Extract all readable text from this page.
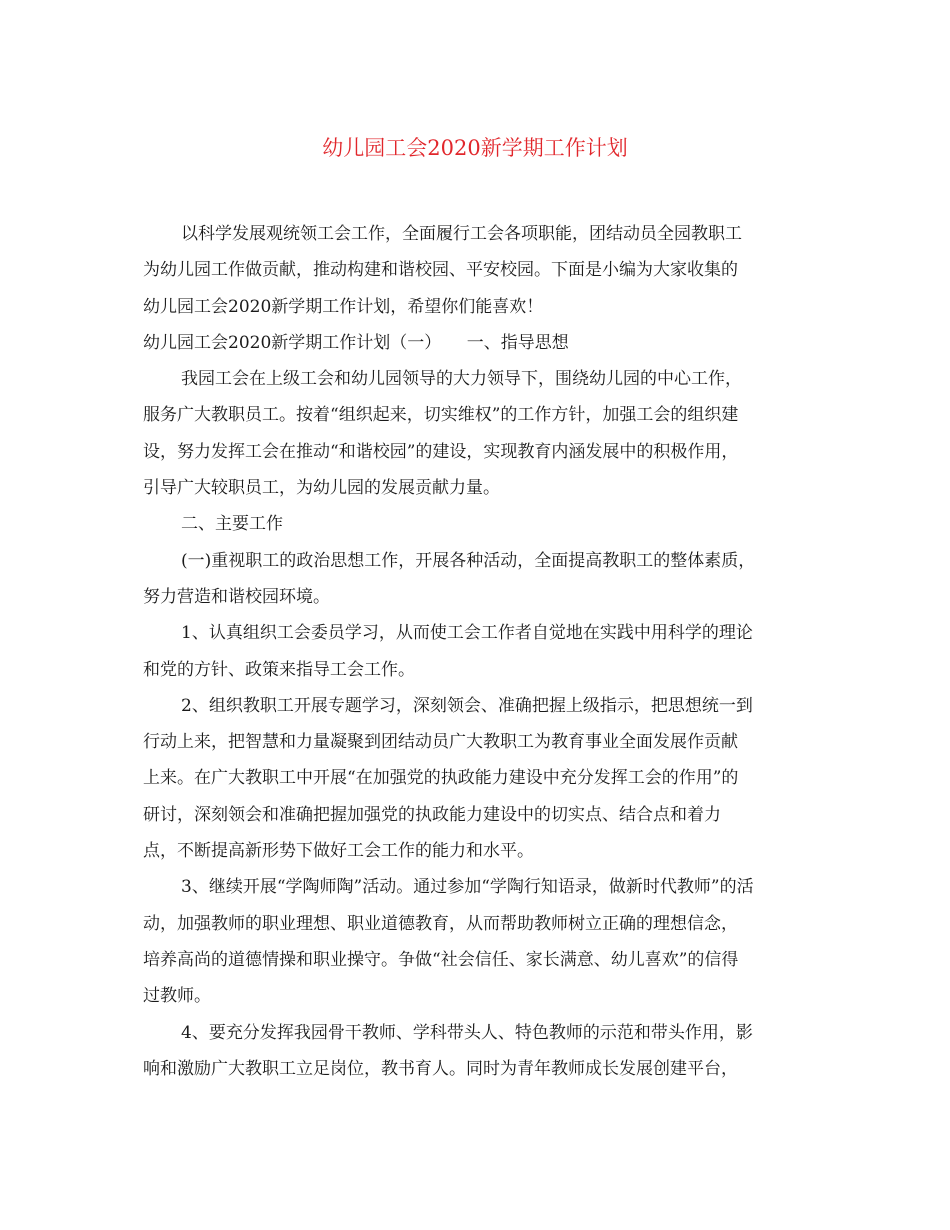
幼儿园工会2020新学期工作计划

以科学发展观统领工会工作，全面履行工会各项职能，团结动员全园教职工

为幼儿园工作做贡献，推动构建和谐校园、平安校园。下面是小编为大家收集的

幼儿园工会2020新学期工作计划，希望你们能喜欢！

幼儿园工会2020新学期工作计划（一）　　一、指导思想

我园工会在上级工会和幼儿园领导的大力领导下，围绕幼儿园的中心工作，

服务广大教职员工。按着“组织起来，切实维权”的工作方针，加强工会的组织建

设，努力发挥工会在推动“和谐校园”的建设，实现教育内涵发展中的积极作用，

引导广大较职员工，为幼儿园的发展贡献力量。

二、主要工作

(一)重视职工的政治思想工作，开展各种活动，全面提高教职工的整体素质，

努力营造和谐校园环境。

1、认真组织工会委员学习，从而使工会工作者自觉地在实践中用科学的理论

和党的方针、政策来指导工会工作。

2、组织教职工开展专题学习，深刻领会、准确把握上级指示，把思想统一到

行动上来，把智慧和力量凝聚到团结动员广大教职工为教育事业全面发展作贡献

上来。在广大教职工中开展“在加强党的执政能力建设中充分发挥工会的作用”的

研讨，深刻领会和准确把握加强党的执政能力建设中的切实点、结合点和着力

点，不断提高新形势下做好工会工作的能力和水平。

3、继续开展“学陶师陶”活动。通过参加“学陶行知语录，做新时代教师”的活

动，加强教师的职业理想、职业道德教育，从而帮助教师树立正确的理想信念，

培养高尚的道德情操和职业操守。争做“社会信任、家长满意、幼儿喜欢”的信得

过教师。

4、要充分发挥我园骨干教师、学科带头人、特色教师的示范和带头作用，影

响和激励广大教职工立足岗位，教书育人。同时为青年教师成长发展创建平台，
